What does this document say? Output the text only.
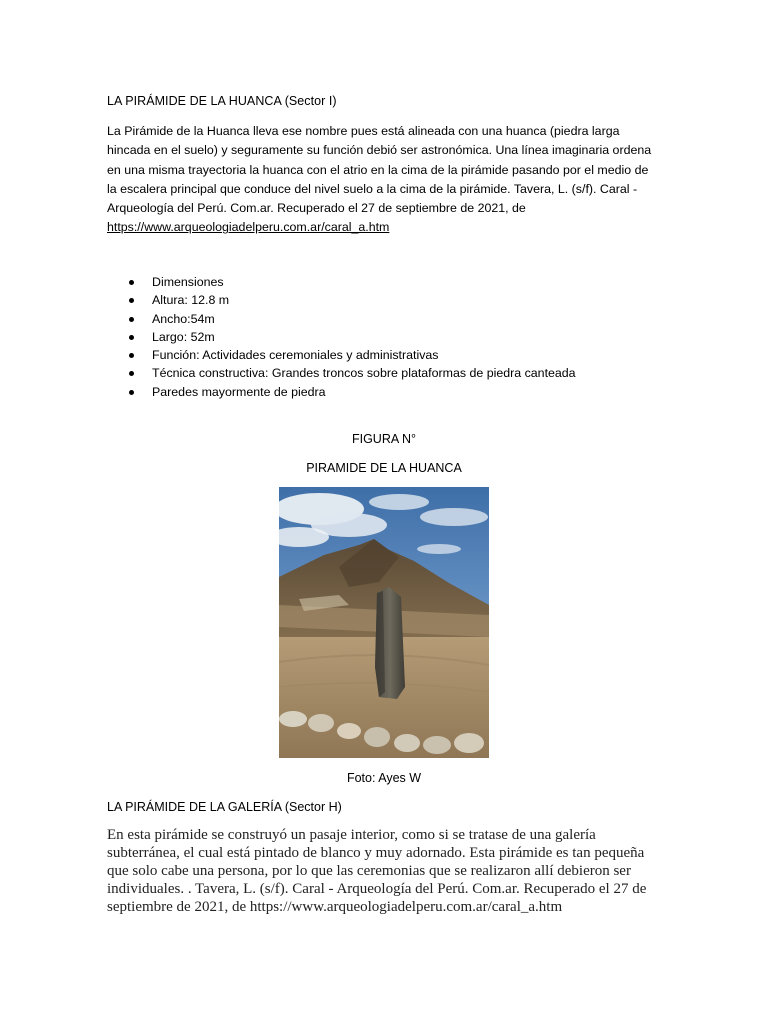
LA PIRÁMIDE DE LA HUANCA (Sector I)

La Pirámide de la Huanca lleva ese nombre pues está alineada con una huanca (piedra larga

hincada en el suelo) y seguramente su función debió ser astronómica. Una línea imaginaria ordena

en una misma trayectoria la huanca con el atrio en la cima de la pirámide pasando por el medio de

la escalera principal que conduce del nivel suelo a la cima de la pirámide. Tavera, L. (s/f). Caral -

Arqueología del Perú. Com.ar. Recuperado el 27 de septiembre de 2021, de

https://www.arqueologiadelperu.com.ar/caral_a.htm

Dimensiones
Altura: 12.8 m
Ancho:54m
Largo: 52m
Función: Actividades ceremoniales y administrativas
Técnica constructiva: Grandes troncos sobre plataformas de piedra canteada
Paredes mayormente de piedra
FIGURA N°
PIRAMIDE DE LA HUANCA
Foto: Ayes W
LA PIRÁMIDE DE LA GALERÍA (Sector H)

En esta pirámide se construyó un pasaje interior, como si se tratase de una galería

subterránea, el cual está pintado de blanco y muy adornado. Esta pirámide es tan pequeña

que solo cabe una persona, por lo que las ceremonias que se realizaron allí debieron ser

individuales. . Tavera, L. (s/f). Caral - Arqueología del Perú. Com.ar. Recuperado el 27 de

septiembre de 2021, de https://www.arqueologiadelperu.com.ar/caral_a.htm
